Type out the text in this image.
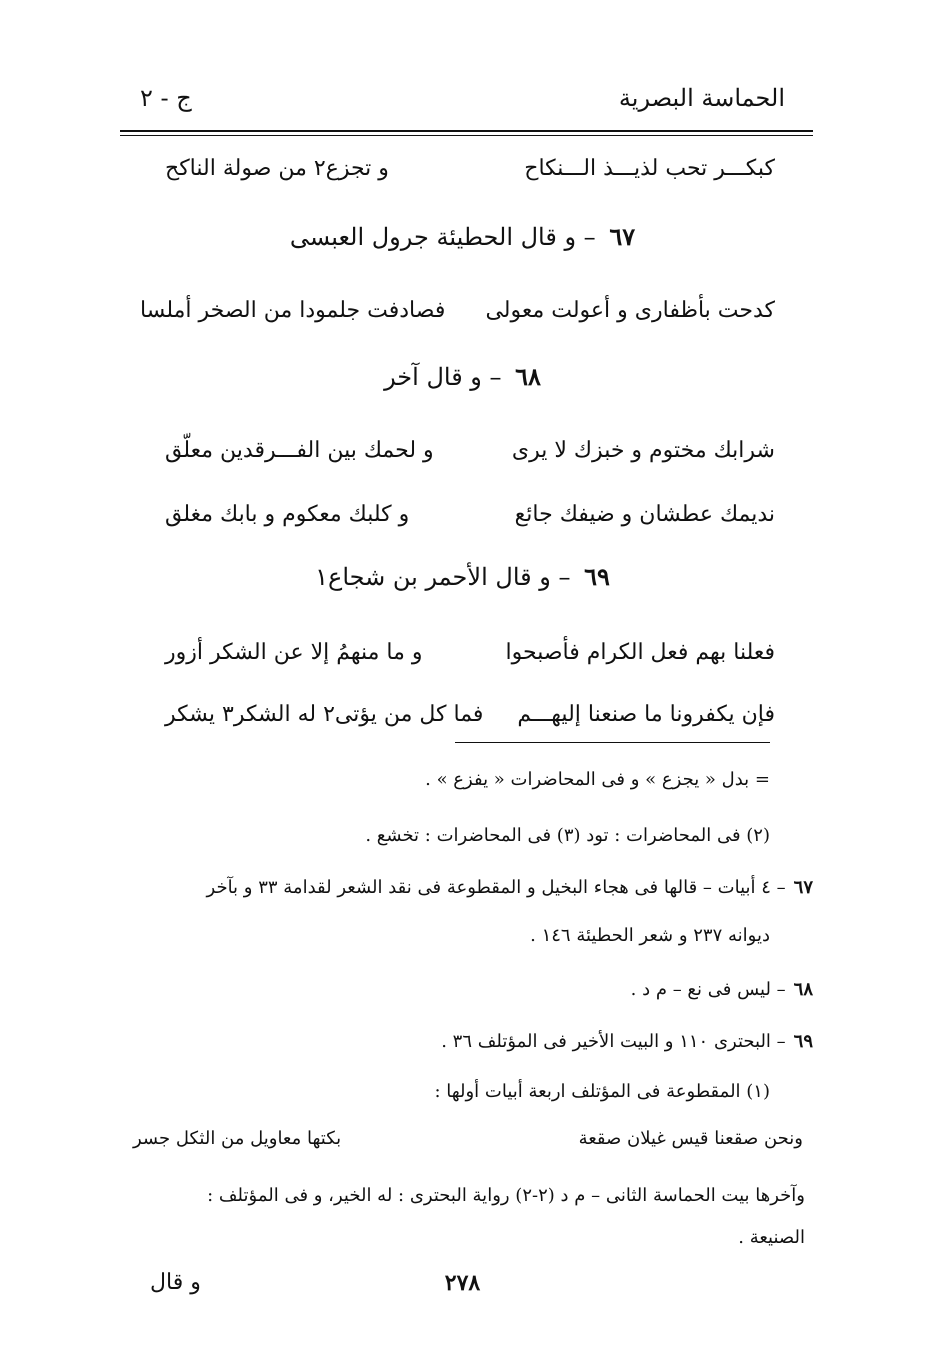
الحماسة البصرية
ج - ٢
كبكـــر تحب لذيـــذ الـــنكاح
و تجزع٢ من صولة الناكح
٦٧ – و قال الحطيئة جرول العبسى
كدحت بأظفارى و أعولت معولى
فصادفت جلمودا من الصخر أملسا
٦٨ – و قال آخر
شرابك مختوم و خبزك لا يرى
و لحمك بين الفـــرقدين معلّق
نديمك عطشان و ضيفك جائع
و كلبك معكوم و بابك مغلق
٦٩ – و قال الأحمر بن شجاع١
فعلنا بهم فعل الكرام فأصبحوا
و ما منهمُ إلا عن الشكر أزور
فإن يكفرونا ما صنعنا إليهـــم
فما كل من يؤتى٢ له الشكر٣ يشكر
= بدل « يجزع » و فى المحاضرات « يفزع » .
(٢) فى المحاضرات : تود (٣) فى المحاضرات : تخشع .
٦٧
– ٤ أبيات – قالها فى هجاء البخيل و المقطوعة فى نقد الشعر لقدامة ٣٣ و بآخر
ديوانه ٢٣٧ و شعر الحطيئة ١٤٦ .
٦٨
– ليس فى نع – م د .
٦٩
– البحترى ١١٠ و البيت الأخير فى المؤتلف ٣٦ .
(١) المقطوعة فى المؤتلف اربعة أبيات أولها :
ونحن صقعنا قيس غيلان صقعة
بكتها معاويل من الثكل جسر
وآخرها بيت الحماسة الثانى – م د (٢-٢) رواية البحترى : له الخير، و فى المؤتلف :
الصنيعة .
٢٧٨
و قال
